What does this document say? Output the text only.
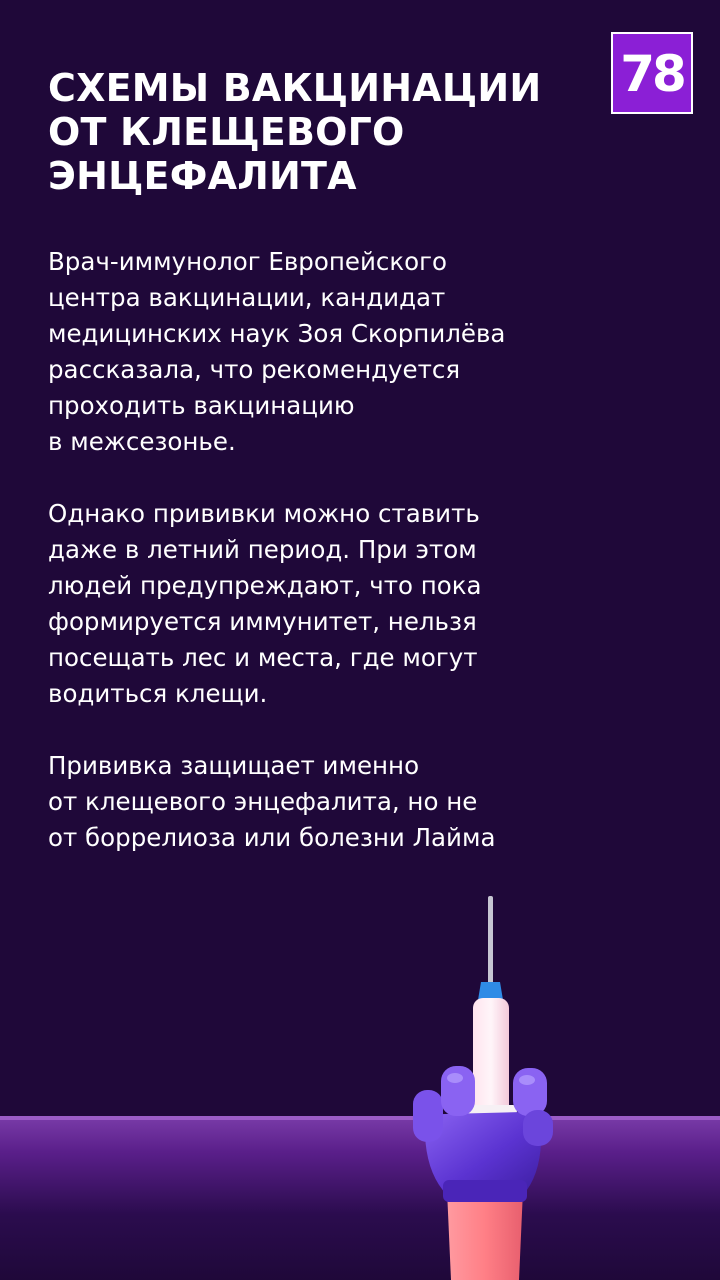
78
СХЕМЫ ВАКЦИНАЦИИ
ОТ КЛЕЩЕВОГО
ЭНЦЕФАЛИТА

Врач-иммунолог Европейского
центра вакцинации, кандидат
медицинских наук Зоя Скорпилёва
рассказала, что рекомендуется
проходить вакцинацию
в межсезонье.

Однако прививки можно ставить
даже в летний период. При этом
людей предупреждают, что пока
формируется иммунитет, нельзя
посещать лес и места, где могут
водиться клещи.

Прививка защищает именно
от клещевого энцефалита, но не
от боррелиоза или болезни Лайма
